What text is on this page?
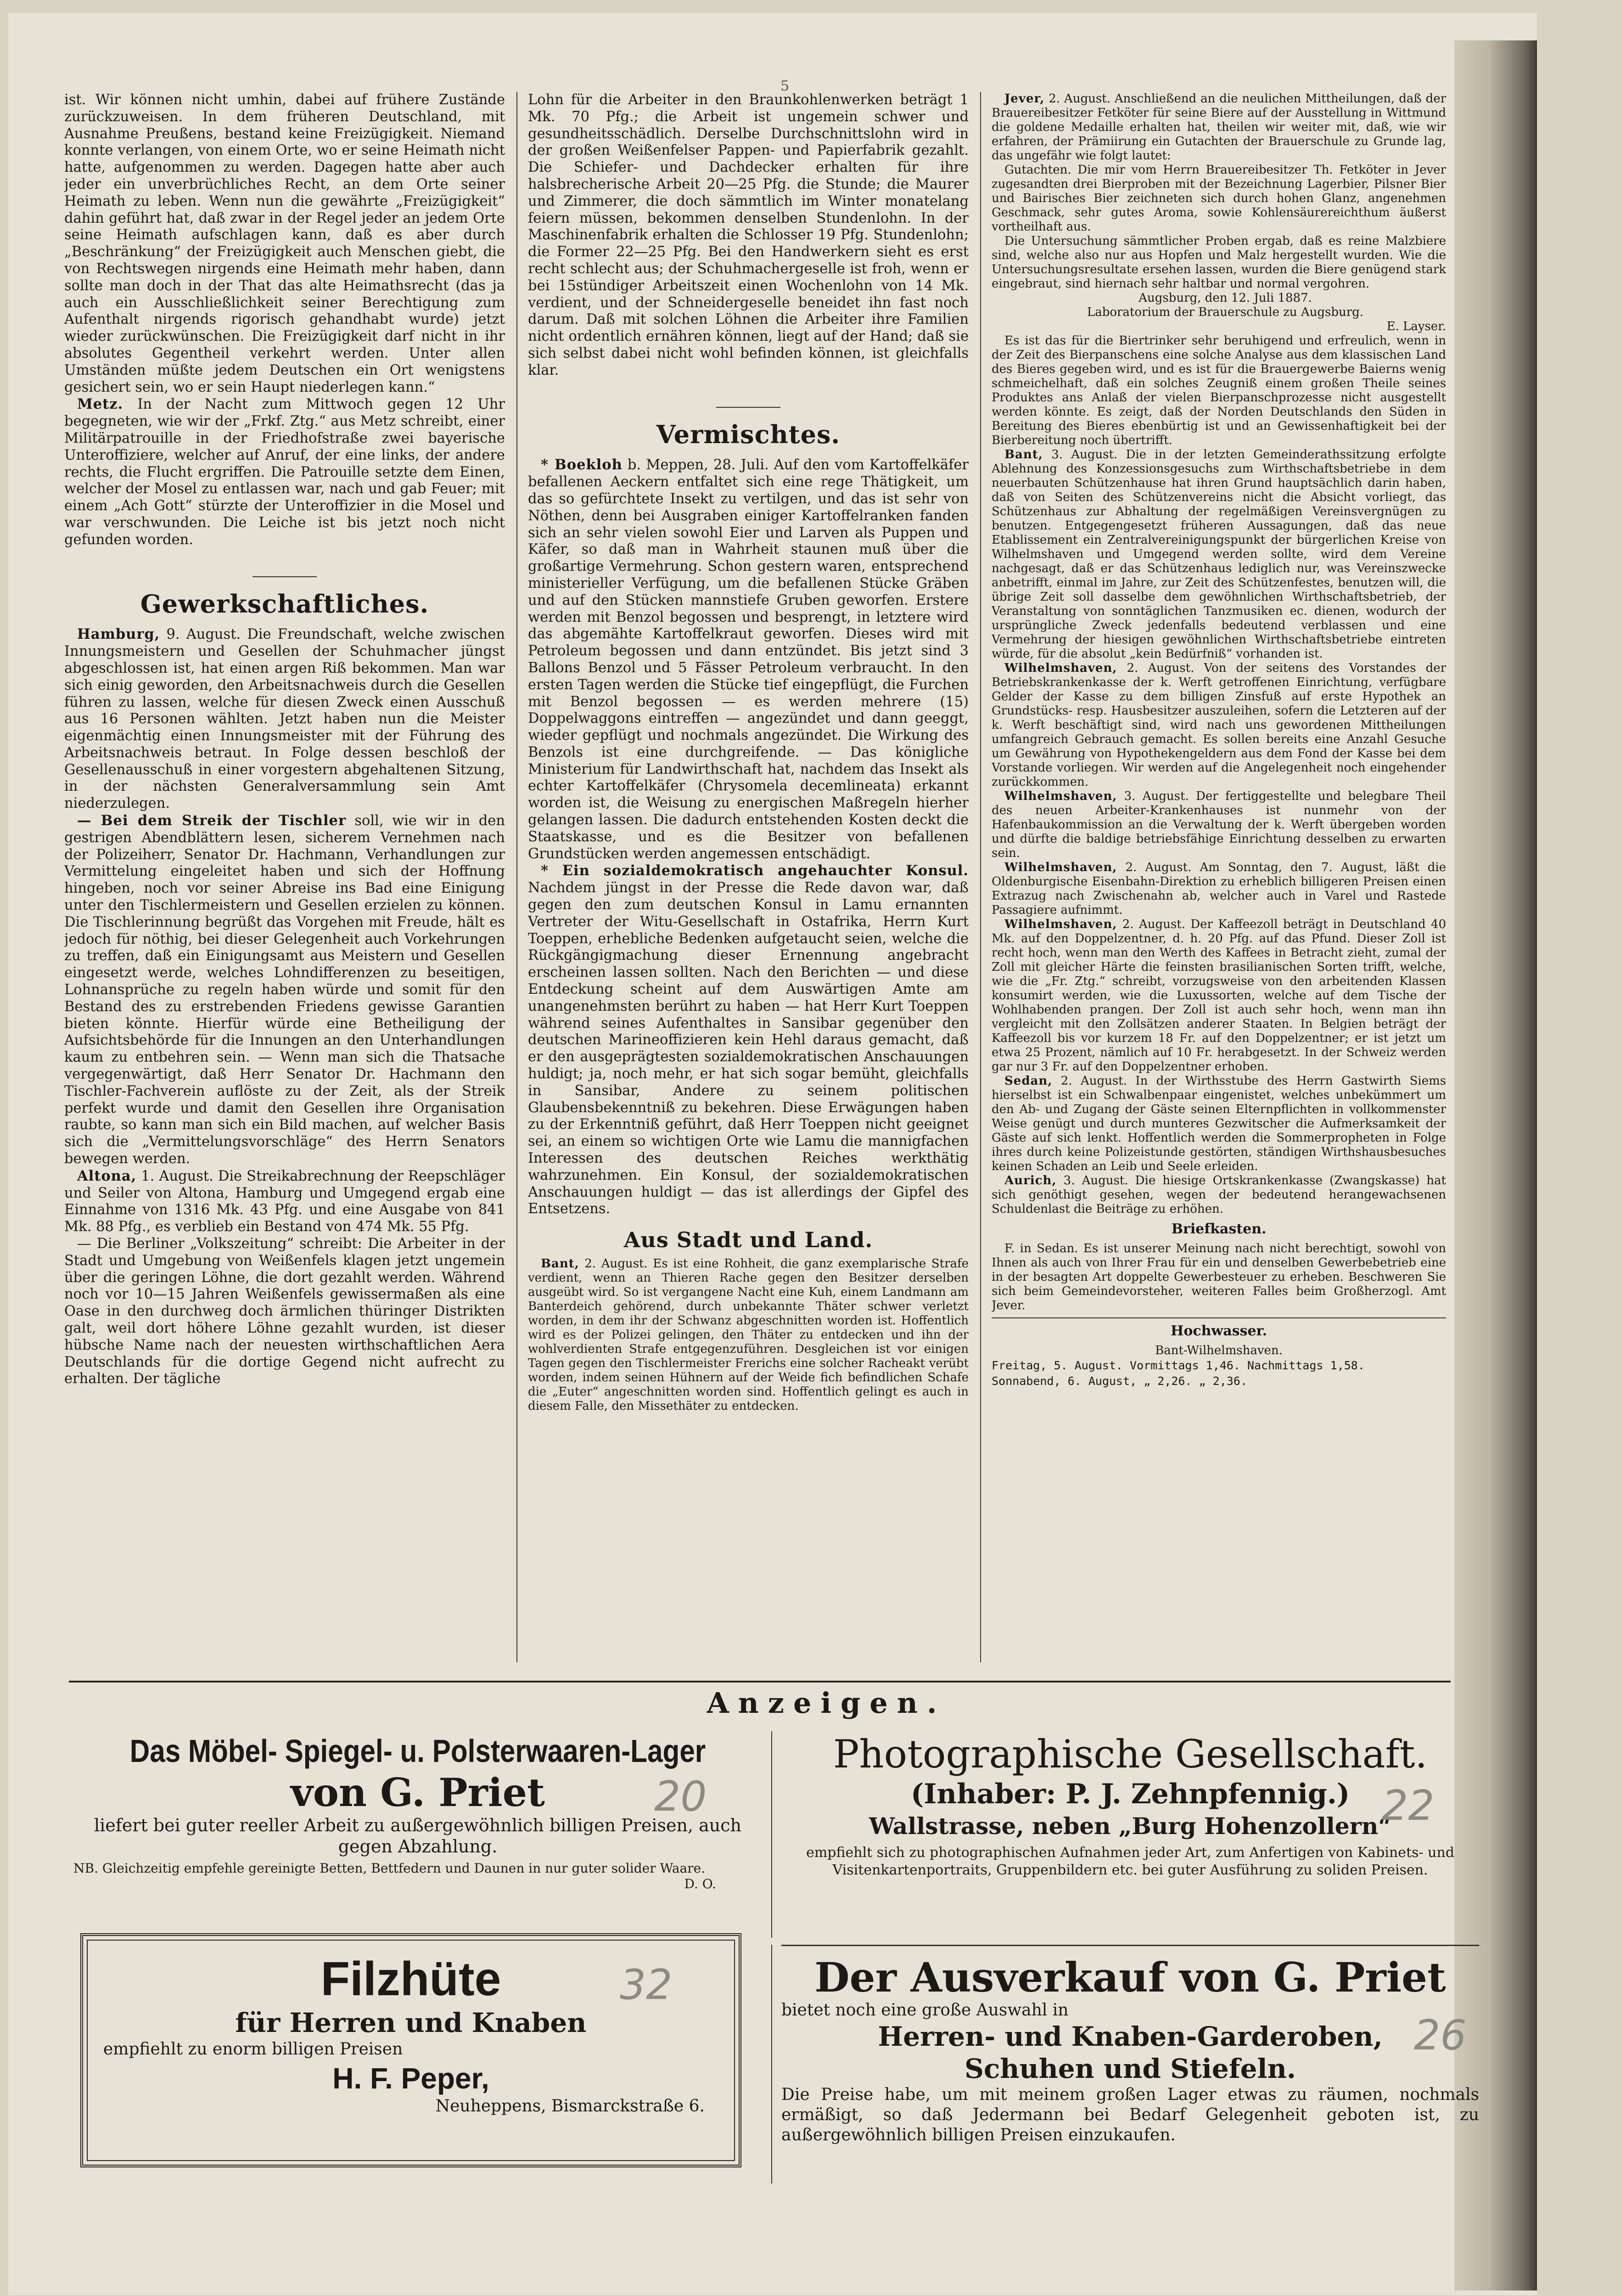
5

ist. Wir können nicht umhin, dabei auf frühere Zustände zurückzuweisen. In dem früheren Deutschland, mit Ausnahme Preußens, bestand keine Freizügigkeit. Niemand konnte verlangen, von einem Orte, wo er seine Heimath nicht hatte, aufgenommen zu werden. Dagegen hatte aber auch jeder ein unverbrüchliches Recht, an dem Orte seiner Heimath zu leben. Wenn nun die gewährte „Freizügigkeit“ dahin geführt hat, daß zwar in der Regel jeder an jedem Orte seine Heimath aufschlagen kann, daß es aber durch „Beschränkung“ der Freizügigkeit auch Menschen giebt, die von Rechtswegen nirgends eine Heimath mehr haben, dann sollte man doch in der That das alte Heimathsrecht (das ja auch ein Ausschließlichkeit seiner Berechtigung zum Aufenthalt nirgends rigorisch gehandhabt wurde) jetzt wieder zurückwünschen. Die Freizügigkeit darf nicht in ihr absolutes Gegentheil verkehrt werden. Unter allen Umständen müßte jedem Deutschen ein Ort wenigstens gesichert sein, wo er sein Haupt niederlegen kann.“

Metz. In der Nacht zum Mittwoch gegen 12 Uhr begegneten, wie wir der „Frkf. Ztg.“ aus Metz schreibt, einer Militärpatrouille in der Friedhofstraße zwei bayerische Unteroffiziere, welcher auf Anruf, der eine links, der andere rechts, die Flucht ergriffen. Die Patrouille setzte dem Einen, welcher der Mosel zu entlassen war, nach und gab Feuer; mit einem „Ach Gott“ stürzte der Unteroffizier in die Mosel und war verschwunden. Die Leiche ist bis jetzt noch nicht gefunden worden.

Gewerkschaftliches.

Hamburg, 9. August. Die Freundschaft, welche zwischen Innungsmeistern und Gesellen der Schuhmacher jüngst abgeschlossen ist, hat einen argen Riß bekommen. Man war sich einig geworden, den Arbeitsnachweis durch die Gesellen führen zu lassen, welche für diesen Zweck einen Ausschuß aus 16 Personen wählten. Jetzt haben nun die Meister eigenmächtig einen Innungsmeister mit der Führung des Arbeitsnachweis betraut. In Folge dessen beschloß der Gesellenausschuß in einer vorgestern abgehaltenen Sitzung, in der nächsten Generalversammlung sein Amt niederzulegen.

— Bei dem Streik der Tischler soll, wie wir in den gestrigen Abendblättern lesen, sicherem Vernehmen nach der Polizeiherr, Senator Dr. Hachmann, Verhandlungen zur Vermittelung eingeleitet haben und sich der Hoffnung hingeben, noch vor seiner Abreise ins Bad eine Einigung unter den Tischlermeistern und Gesellen erzielen zu können. Die Tischlerinnung begrüßt das Vorgehen mit Freude, hält es jedoch für nöthig, bei dieser Gelegenheit auch Vorkehrungen zu treffen, daß ein Einigungsamt aus Meistern und Gesellen eingesetzt werde, welches Lohndifferenzen zu beseitigen, Lohnansprüche zu regeln haben würde und somit für den Bestand des zu erstrebenden Friedens gewisse Garantien bieten könnte. Hierfür würde eine Betheiligung der Aufsichtsbehörde für die Innungen an den Unterhandlungen kaum zu entbehren sein. — Wenn man sich die Thatsache vergegenwärtigt, daß Herr Senator Dr. Hachmann den Tischler-Fachverein auflöste zu der Zeit, als der Streik perfekt wurde und damit den Gesellen ihre Organisation raubte, so kann man sich ein Bild machen, auf welcher Basis sich die „Vermittelungsvorschläge“ des Herrn Senators bewegen werden.

Altona, 1. August. Die Streikabrechnung der Reepschläger und Seiler von Altona, Hamburg und Umgegend ergab eine Einnahme von 1316 Mk. 43 Pfg. und eine Ausgabe von 841 Mk. 88 Pfg., es verblieb ein Bestand von 474 Mk. 55 Pfg.

— Die Berliner „Volkszeitung“ schreibt: Die Arbeiter in der Stadt und Umgebung von Weißenfels klagen jetzt ungemein über die geringen Löhne, die dort gezahlt werden. Während noch vor 10—15 Jahren Weißenfels gewissermaßen als eine Oase in den durchweg doch ärmlichen thüringer Distrikten galt, weil dort höhere Löhne gezahlt wurden, ist dieser hübsche Name nach der neuesten wirthschaftlichen Aera Deutschlands für die dortige Gegend nicht aufrecht zu erhalten. Der tägliche

Lohn für die Arbeiter in den Braunkohlenwerken beträgt 1 Mk. 70 Pfg.; die Arbeit ist ungemein schwer und gesundheitsschädlich. Derselbe Durchschnittslohn wird in der großen Weißenfelser Pappen- und Papierfabrik gezahlt. Die Schiefer- und Dachdecker erhalten für ihre halsbrecherische Arbeit 20—25 Pfg. die Stunde; die Maurer und Zimmerer, die doch sämmtlich im Winter monatelang feiern müssen, bekommen denselben Stundenlohn. In der Maschinenfabrik erhalten die Schlosser 19 Pfg. Stundenlohn; die Former 22—25 Pfg. Bei den Handwerkern sieht es erst recht schlecht aus; der Schuhmachergeselle ist froh, wenn er bei 15stündiger Arbeitszeit einen Wochenlohn von 14 Mk. verdient, und der Schneidergeselle beneidet ihn fast noch darum. Daß mit solchen Löhnen die Arbeiter ihre Familien nicht ordentlich ernähren können, liegt auf der Hand; daß sie sich selbst dabei nicht wohl befinden können, ist gleichfalls klar.

Vermischtes.

* Boekloh b. Meppen, 28. Juli. Auf den vom Kartoffelkäfer befallenen Aeckern entfaltet sich eine rege Thätigkeit, um das so gefürchtete Insekt zu vertilgen, und das ist sehr von Nöthen, denn bei Ausgraben einiger Kartoffelranken fanden sich an sehr vielen sowohl Eier und Larven als Puppen und Käfer, so daß man in Wahrheit staunen muß über die großartige Vermehrung. Schon gestern waren, entsprechend ministerieller Verfügung, um die befallenen Stücke Gräben und auf den Stücken mannstiefe Gruben geworfen. Erstere werden mit Benzol begossen und besprengt, in letztere wird das abgemähte Kartoffelkraut geworfen. Dieses wird mit Petroleum begossen und dann entzündet. Bis jetzt sind 3 Ballons Benzol und 5 Fässer Petroleum verbraucht. In den ersten Tagen werden die Stücke tief eingepflügt, die Furchen mit Benzol begossen — es werden mehrere (15) Doppelwaggons eintreffen — angezündet und dann geeggt, wieder gepflügt und nochmals angezündet. Die Wirkung des Benzols ist eine durchgreifende. — Das königliche Ministerium für Landwirthschaft hat, nachdem das Insekt als echter Kartoffelkäfer (Chrysomela decemlineata) erkannt worden ist, die Weisung zu energischen Maßregeln hierher gelangen lassen. Die dadurch entstehenden Kosten deckt die Staatskasse, und es die Besitzer von befallenen Grundstücken werden angemessen entschädigt.

* Ein sozialdemokratisch angehauchter Konsul. Nachdem jüngst in der Presse die Rede davon war, daß gegen den zum deutschen Konsul in Lamu ernannten Vertreter der Witu-Gesellschaft in Ostafrika, Herrn Kurt Toeppen, erhebliche Bedenken aufgetaucht seien, welche die Rückgängigmachung dieser Ernennung angebracht erscheinen lassen sollten. Nach den Berichten — und diese Entdeckung scheint auf dem Auswärtigen Amte am unangenehmsten berührt zu haben — hat Herr Kurt Toeppen während seines Aufenthaltes in Sansibar gegenüber den deutschen Marineoffizieren kein Hehl daraus gemacht, daß er den ausgeprägtesten sozialdemokratischen Anschauungen huldigt; ja, noch mehr, er hat sich sogar bemüht, gleichfalls in Sansibar, Andere zu seinem politischen Glaubensbekenntniß zu bekehren. Diese Erwägungen haben zu der Erkenntniß geführt, daß Herr Toeppen nicht geeignet sei, an einem so wichtigen Orte wie Lamu die mannigfachen Interessen des deutschen Reiches werkthätig wahrzunehmen. Ein Konsul, der sozialdemokratischen Anschauungen huldigt — das ist allerdings der Gipfel des Entsetzens.

Aus Stadt und Land.

Bant, 2. August. Es ist eine Rohheit, die ganz exemplarische Strafe verdient, wenn an Thieren Rache gegen den Besitzer derselben ausgeübt wird. So ist vergangene Nacht eine Kuh, einem Landmann am Banterdeich gehörend, durch unbekannte Thäter schwer verletzt worden, in dem ihr der Schwanz abgeschnitten worden ist. Hoffentlich wird es der Polizei gelingen, den Thäter zu entdecken und ihn der wohlverdienten Strafe entgegenzuführen. Desgleichen ist vor einigen Tagen gegen den Tischlermeister Frerichs eine solcher Racheakt verübt worden, indem seinen Hühnern auf der Weide fich befindlichen Schafe die „Euter“ angeschnitten worden sind. Hoffentlich gelingt es auch in diesem Falle, den Missethäter zu entdecken.

Jever, 2. August. Anschließend an die neulichen Mittheilungen, daß der Brauereibesitzer Fetköter für seine Biere auf der Ausstellung in Wittmund die goldene Medaille erhalten hat, theilen wir weiter mit, daß, wie wir erfahren, der Prämiirung ein Gutachten der Brauerschule zu Grunde lag, das ungefähr wie folgt lautet:

Gutachten. Die mir vom Herrn Brauereibesitzer Th. Fetköter in Jever zugesandten drei Bierproben mit der Bezeichnung Lagerbier, Pilsner Bier und Bairisches Bier zeichneten sich durch hohen Glanz, angenehmen Geschmack, sehr gutes Aroma, sowie Kohlensäurereichthum äußerst vortheilhaft aus.

Die Untersuchung sämmtlicher Proben ergab, daß es reine Malzbiere sind, welche also nur aus Hopfen und Malz hergestellt wurden. Wie die Untersuchungsresultate ersehen lassen, wurden die Biere genügend stark eingebraut, sind hiernach sehr haltbar und normal vergohren.

Augsburg, den 12. Juli 1887.

Laboratorium der Brauerschule zu Augsburg.

E. Layser.

Es ist das für die Biertrinker sehr beruhigend und erfreulich, wenn in der Zeit des Bierpanschens eine solche Analyse aus dem klassischen Land des Bieres gegeben wird, und es ist für die Brauergewerbe Baierns wenig schmeichelhaft, daß ein solches Zeugniß einem großen Theile seines Produktes ans Anlaß der vielen Bierpanschprozesse nicht ausgestellt werden könnte. Es zeigt, daß der Norden Deutschlands den Süden in Bereitung des Bieres ebenbürtig ist und an Gewissenhaftigkeit bei der Bierbereitung noch übertrifft.

Bant, 3. August. Die in der letzten Gemeinderathssitzung erfolgte Ablehnung des Konzessionsgesuchs zum Wirthschaftsbetriebe in dem neuerbauten Schützenhause hat ihren Grund hauptsächlich darin haben, daß von Seiten des Schützenvereins nicht die Absicht vorliegt, das Schützenhaus zur Abhaltung der regelmäßigen Vereinsvergnügen zu benutzen. Entgegengesetzt früheren Aussagungen, daß das neue Etablissement ein Zentralvereinigungspunkt der bürgerlichen Kreise von Wilhelmshaven und Umgegend werden sollte, wird dem Vereine nachgesagt, daß er das Schützenhaus lediglich nur, was Vereinszwecke anbetrifft, einmal im Jahre, zur Zeit des Schützenfestes, benutzen will, die übrige Zeit soll dasselbe dem gewöhnlichen Wirthschaftsbetrieb, der Veranstaltung von sonntäglichen Tanzmusiken ec. dienen, wodurch der ursprüngliche Zweck jedenfalls bedeutend verblassen und eine Vermehrung der hiesigen gewöhnlichen Wirthschaftsbetriebe eintreten würde, für die absolut „kein Bedürfniß“ vorhanden ist.

Wilhelmshaven, 2. August. Von der seitens des Vorstandes der Betriebskrankenkasse der k. Werft getroffenen Einrichtung, verfügbare Gelder der Kasse zu dem billigen Zinsfuß auf erste Hypothek an Grundstücks- resp. Hausbesitzer auszuleihen, sofern die Letzteren auf der k. Werft beschäftigt sind, wird nach uns gewordenen Mittheilungen umfangreich Gebrauch gemacht. Es sollen bereits eine Anzahl Gesuche um Gewährung von Hypothekengeldern aus dem Fond der Kasse bei dem Vorstande vorliegen. Wir werden auf die Angelegenheit noch eingehender zurückkommen.

Wilhelmshaven, 3. August. Der fertiggestellte und belegbare Theil des neuen Arbeiter-Krankenhauses ist nunmehr von der Hafenbaukommission an die Verwaltung der k. Werft übergeben worden und dürfte die baldige betriebsfähige Einrichtung desselben zu erwarten sein.

Wilhelmshaven, 2. August. Am Sonntag, den 7. August, läßt die Oldenburgische Eisenbahn-Direktion zu erheblich billigeren Preisen einen Extrazug nach Zwischenahn ab, welcher auch in Varel und Rastede Passagiere aufnimmt.

Wilhelmshaven, 2. August. Der Kaffeezoll beträgt in Deutschland 40 Mk. auf den Doppelzentner, d. h. 20 Pfg. auf das Pfund. Dieser Zoll ist recht hoch, wenn man den Werth des Kaffees in Betracht zieht, zumal der Zoll mit gleicher Härte die feinsten brasilianischen Sorten trifft, welche, wie die „Fr. Ztg.“ schreibt, vorzugsweise von den arbeitenden Klassen konsumirt werden, wie die Luxussorten, welche auf dem Tische der Wohlhabenden prangen. Der Zoll ist auch sehr hoch, wenn man ihn vergleicht mit den Zollsätzen anderer Staaten. In Belgien beträgt der Kaffeezoll bis vor kurzem 18 Fr. auf den Doppelzentner; er ist jetzt um etwa 25 Prozent, nämlich auf 10 Fr. herabgesetzt. In der Schweiz werden gar nur 3 Fr. auf den Doppelzentner erhoben.

Sedan, 2. August. In der Wirthsstube des Herrn Gastwirth Siems hierselbst ist ein Schwalbenpaar eingenistet, welches unbekümmert um den Ab- und Zugang der Gäste seinen Elternpflichten in vollkommenster Weise genügt und durch munteres Gezwitscher die Aufmerksamkeit der Gäste auf sich lenkt. Hoffentlich werden die Sommerpropheten in Folge ihres durch keine Polizeistunde gestörten, ständigen Wirthshausbesuches keinen Schaden an Leib und Seele erleiden.

Aurich, 3. August. Die hiesige Ortskrankenkasse (Zwangskasse) hat sich genöthigt gesehen, wegen der bedeutend herangewachsenen Schuldenlast die Beiträge zu erhöhen.

Briefkasten.

F. in Sedan. Es ist unserer Meinung nach nicht berechtigt, sowohl von Ihnen als auch von Ihrer Frau für ein und denselben Gewerbebetrieb eine in der besagten Art doppelte Gewerbesteuer zu erheben. Beschweren Sie sich beim Gemeindevorsteher, weiteren Falles beim Großherzogl. Amt Jever.

Hochwasser.
Bant-Wilhelmshaven.
Freitag, 5. August. Vormittags 1,46. Nachmittags 1,58.
Sonnabend, 6. August, „ 2,26. „ 2,36.
Anzeigen.
Das Möbel- Spiegel- u. Polsterwaaren-Lager
von G. Priet
liefert bei guter reeller Arbeit zu außergewöhnlich billigen Preisen, auch gegen Abzahlung.
NB. Gleichzeitig empfehle gereinigte Betten, Bettfedern und Daunen in nur guter solider Waare.
D. O.
Photographische Gesellschaft.
(Inhaber: P. J. Zehnpfennig.)
Wallstrasse, neben „Burg Hohenzollern“
empfiehlt sich zu photographischen Aufnahmen jeder Art, zum Anfertigen von Kabinets- und Visitenkartenportraits, Gruppenbildern etc. bei guter Ausführung zu soliden Preisen.
Filzhüte
für Herren und Knaben
empfiehlt zu enorm billigen Preisen
H. F. Peper,
Neuheppens, Bismarckstraße 6.
Der Ausverkauf von G. Priet
bietet noch eine große Auswahl in
Herren- und Knaben-Garderoben,
Schuhen und Stiefeln.
Die Preise habe, um mit meinem großen Lager etwas zu räumen, nochmals ermäßigt, so daß Jedermann bei Bedarf Gelegenheit geboten ist, zu außergewöhnlich billigen Preisen einzukaufen.
20	22
32
26
